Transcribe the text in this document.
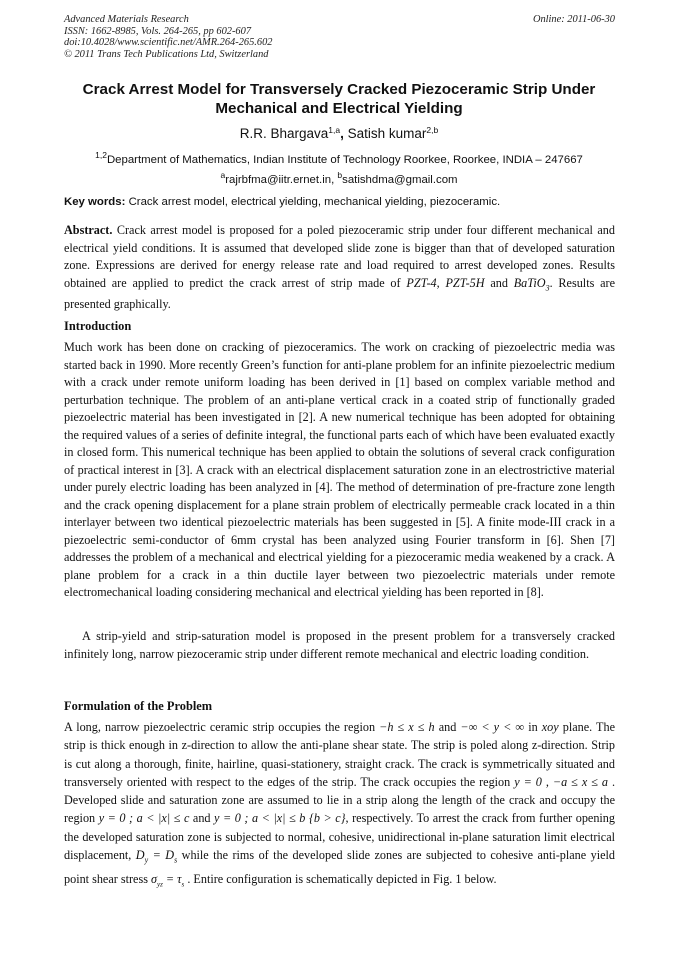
Advanced Materials Research
ISSN: 1662-8985, Vols. 264-265, pp 602-607
doi:10.4028/www.scientific.net/AMR.264-265.602
© 2011 Trans Tech Publications Ltd, Switzerland
Online: 2011-06-30
Crack Arrest Model for Transversely Cracked Piezoceramic Strip Under Mechanical and Electrical Yielding
R.R. Bhargava$^{1,a}$, Satish kumar$^{2,b}$
$^{1,2}$Department of Mathematics, Indian Institute of Technology Roorkee, Roorkee, INDIA – 247667
$^a$rajrbfma@iitr.ernet.in, $^b$satishdma@gmail.com
Key words: Crack arrest model, electrical yielding, mechanical yielding, piezoceramic.
Abstract. Crack arrest model is proposed for a poled piezoceramic strip under four different mechanical and electrical yield conditions. It is assumed that developed slide zone is bigger than that of developed saturation zone. Expressions are derived for energy release rate and load required to arrest developed zones. Results obtained are applied to predict the crack arrest of strip made of PZT-4, PZT-5H and BaTiO$_3$. Results are presented graphically.
Introduction
Much work has been done on cracking of piezoceramics. The work on cracking of piezoelectric media was started back in 1990. More recently Green’s function for anti-plane problem for an infinite piezoelectric medium with a crack under remote uniform loading has been derived in [1] based on complex variable method and perturbation technique. The problem of an anti-plane vertical crack in a coated strip of functionally graded piezoelectric material has been investigated in [2]. A new numerical technique has been adopted for obtaining the required values of a series of definite integral, the functional parts each of which have been evaluated exactly in closed form. This numerical technique has been applied to obtain the solutions of several crack configuration of practical interest in [3]. A crack with an electrical displacement saturation zone in an electrostrictive material under purely electric loading has been analyzed in [4]. The method of determination of pre-fracture zone length and the crack opening displacement for a plane strain problem of electrically permeable crack located in a thin interlayer between two identical piezoelectric materials has been suggested in [5]. A finite mode-III crack in a piezoelectric semi-conductor of 6mm crystal has been analyzed using Fourier transform in [6]. Shen [7] addresses the problem of a mechanical and electrical yielding for a piezoceramic media weakened by a crack. A plane problem for a crack in a thin ductile layer between two piezoelectric materials under remote electromechanical loading considering mechanical and electrical yielding has been reported in [8].
A strip-yield and strip-saturation model is proposed in the present problem for a transversely cracked infinitely long, narrow piezoceramic strip under different remote mechanical and electric loading condition.
Formulation of the Problem
A long, narrow piezoelectric ceramic strip occupies the region −h ≤ x ≤ h and −∞ < y < ∞ in xoy plane. The strip is thick enough in z-direction to allow the anti-plane shear state. The strip is poled along z-direction. Strip is cut along a thorough, finite, hairline, quasi-stationery, straight crack. The crack is symmetrically situated and transversely oriented with respect to the edges of the strip. The crack occupies the region y = 0 , −a ≤ x ≤ a . Developed slide and saturation zone are assumed to lie in a strip along the length of the crack and occupy the region y = 0 ; a < |x| ≤ c and y = 0 ; a < |x| ≤ b {b > c}, respectively. To arrest the crack from further opening the developed saturation zone is subjected to normal, cohesive, unidirectional in-plane saturation limit electrical displacement, $D_y = D_s$ while the rims of the developed slide zones are subjected to cohesive anti-plane yield point shear stress $\sigma_{yz} = \tau_s$ . Entire configuration is schematically depicted in Fig. 1 below.
